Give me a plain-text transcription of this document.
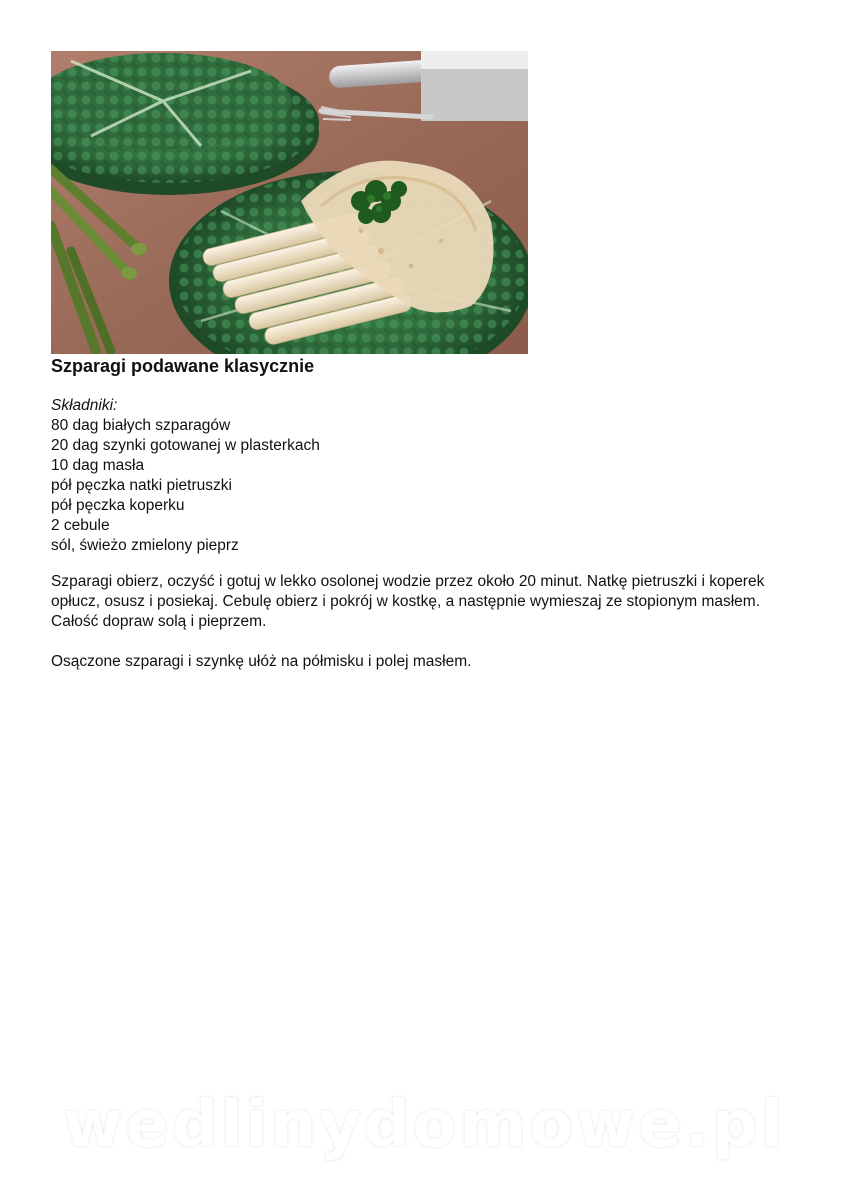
Szparagi podawane klasycznie
Składniki:
80 dag białych szparagów
20 dag szynki gotowanej w plasterkach
10 dag masła
pół pęczka natki pietruszki
pół pęczka koperku
2 cebule
sól, świeżo zmielony pieprz

Szparagi obierz, oczyść i gotuj w lekko osolonej wodzie przez około 20 minut. Natkę pietruszki i koperek opłucz, osusz i posiekaj. Cebulę obierz i pokrój w kostkę, a następnie wymieszaj ze stopionym masłem. Całość dopraw solą i pieprzem.

Osączone szparagi i szynkę ułóż na półmisku i polej masłem.

wedlinydomowe.pl
